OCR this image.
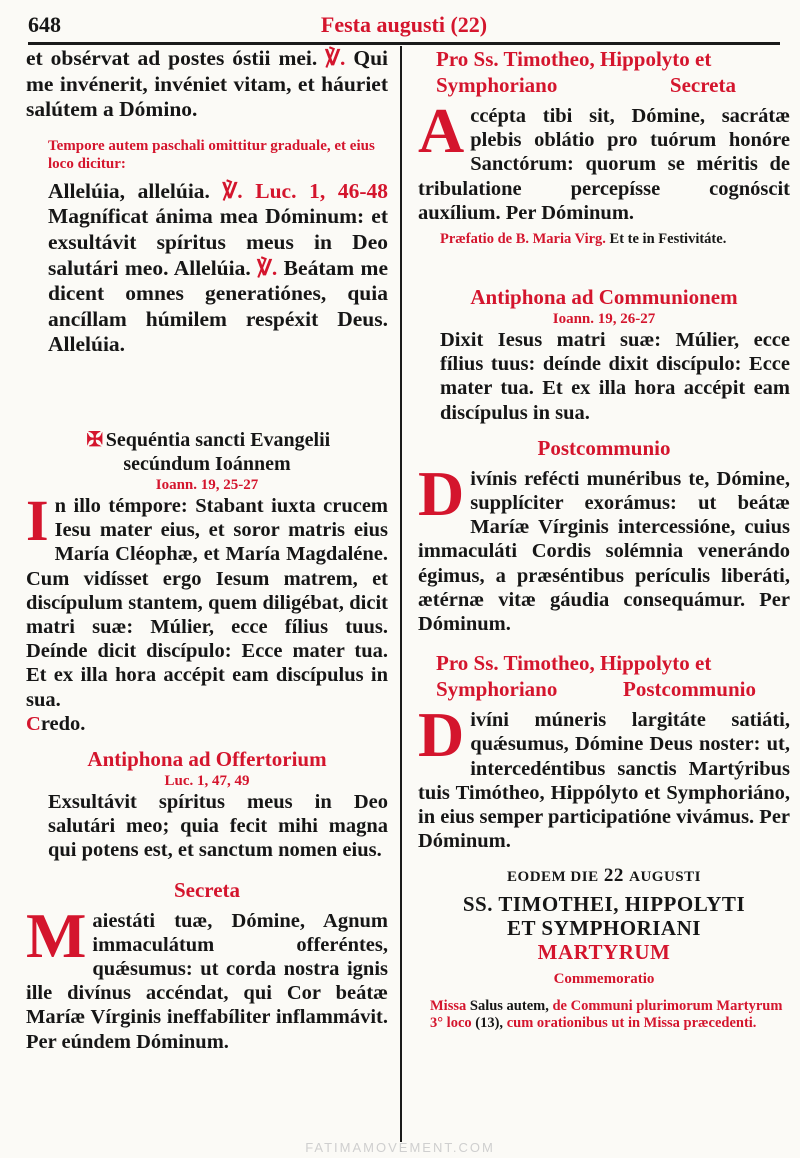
648	Festa augusti (22)

et obsérvat ad postes óstii mei. ℣. Qui me invénerit, invéniet vitam, et háuriet salútem a Dómino.

Tempore autem paschali omittitur graduale, et eius loco dicitur:

Allelúia, allelúia. ℣. Luc. 1, 46-48 Magníficat ánima mea Dóminum: et exsultávit spíritus meus in Deo salutári meo. Allelúia. ℣. Beátam me dicent omnes generatiónes, quia ancíllam húmilem respéxit Deus. Allelúia.

✠ Sequéntia sancti Evangelii
secúndum Ioánnem

Ioann. 19, 25-27

In illo témpore: Stabant iuxta crucem Iesu mater eius, et soror matris eius María Cléophæ, et María Magdaléne. Cum vidísset ergo Iesum matrem, et discípulum stantem, quem diligébat, dicit matri suæ: Múlier, ecce fílius tuus. Deínde dicit discípulo: Ecce mater tua. Et ex illa hora accépit eam discípulus in sua.

Credo.

Antiphona ad Offertorium

Luc. 1, 47, 49

Exsultávit spíritus meus in Deo salutári meo; quia fecit mihi magna qui potens est, et sanctum nomen eius.

Secreta

Maiestáti tuæ, Dómine, Agnum immaculátum offeréntes, quǽsumus: ut corda nostra ignis ille divínus accéndat, qui Cor beátæ Maríæ Vírginis ineffabíliter inflammávit. Per eúndem Dóminum.

Pro Ss. Timotheo, Hippolyto et
Symphoriano	Secreta

Accépta tibi sit, Dómine, sacrátæ plebis oblátio pro tuórum honóre Sanctórum: quorum se méritis de tribulatione percepísse cognóscit auxílium. Per Dóminum.

Præfatio de B. Maria Virg. Et te in Festivitáte.

Antiphona ad Communionem

Ioann. 19, 26-27

Dixit Iesus matri suæ: Múlier, ecce fílius tuus: deínde dixit discípulo: Ecce mater tua. Et ex illa hora accépit eam discípulus in sua.

Postcommunio

Divínis refécti munéribus te, Dómine, supplíciter exorámus: ut beátæ Maríæ Vírginis intercessióne, cuius immaculáti Cordis solémnia venerándo égimus, a præséntibus perículis liberáti, ætérnæ vitæ gáudia consequámur. Per Dóminum.

Pro Ss. Timotheo, Hippolyto et
Symphoriano	Postcommunio

Divíni múneris largitáte satiáti, quǽsumus, Dómine Deus noster: ut, intercedéntibus sanctis Martýribus tuis Timótheo, Hippólyto et Symphoriáno, in eius semper participatióne vivámus. Per Dóminum.

EODEM DIE 22 AUGUSTI

SS. TIMOTHEI, HIPPOLYTI
ET SYMPHORIANI
MARTYRUM

Commemoratio

Missa Salus autem, de Communi plurimorum Martyrum 3° loco (13), cum orationibus ut in Missa præcedenti.

FATIMAMOVEMENT.COM
